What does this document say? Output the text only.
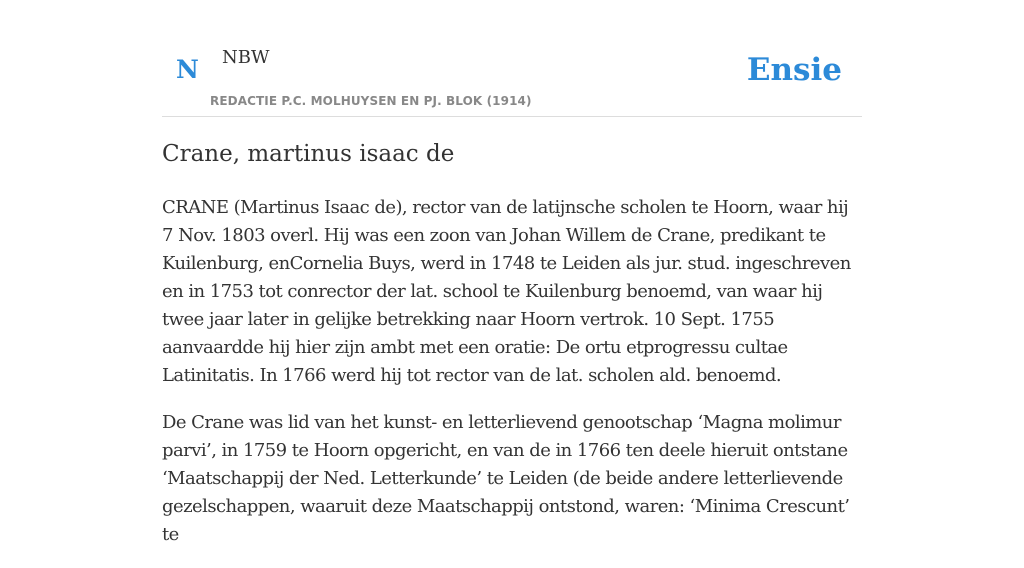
N NBW	Ensie
REDACTIE P.C. MOLHUYSEN EN PJ. BLOK (1914)
Crane, martinus isaac de

CRANE (Martinus Isaac de), rector van de latijnsche scholen te Hoorn, waar hij 7 Nov. 1803 overl. Hij was een zoon van Johan Willem de Crane, predikant te Kuilenburg, enCornelia Buys, werd in 1748 te Leiden als jur. stud. ingeschreven en in 1753 tot conrector der lat. school te Kuilenburg benoemd, van waar hij twee jaar later in gelijke betrekking naar Hoorn vertrok. 10 Sept. 1755 aanvaardde hij hier zijn ambt met een oratie: De ortu etprogressu cultae Latinitatis. In 1766 werd hij tot rector van de lat. scholen ald. benoemd.

De Crane was lid van het kunst- en letterlievend genootschap ‘Magna molimur parvi’, in 1759 te Hoorn opgericht, en van de in 1766 ten deele hieruit ontstane ‘Maatschappij der Ned. Letterkunde’ te Leiden (de beide andere letterlievende gezelschappen, waaruit deze Maatschappij ontstond, waren: ‘Minima Crescunt’ te
